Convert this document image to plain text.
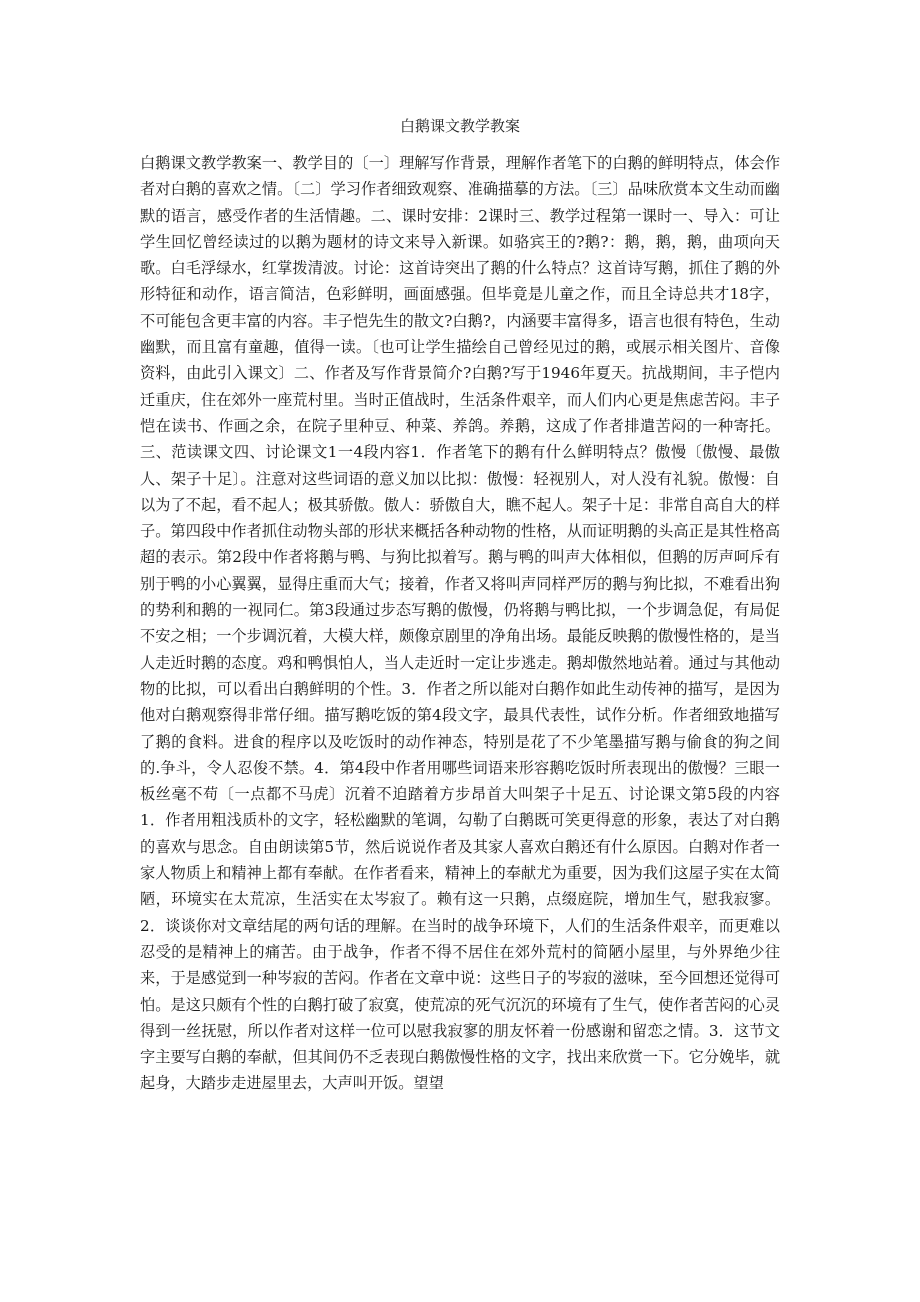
白鹅课文教学教案

白鹅课文教学教案一、教学目的〔一〕理解写作背景，理解作者笔下的白鹅的鲜明特点，体会作者对白鹅的喜欢之情。〔二〕学习作者细致观察、准确描摹的方法。〔三〕品味欣赏本文生动而幽默的语言，感受作者的生活情趣。二、课时安排：2课时三、教学过程第一课时一、导入：可让学生回忆曾经读过的以鹅为题材的诗文来导入新课。如骆宾王的?鹅?：鹅，鹅，鹅，曲项向天歌。白毛浮绿水，红掌拨清波。讨论：这首诗突出了鹅的什么特点？这首诗写鹅，抓住了鹅的外形特征和动作，语言简洁，色彩鲜明，画面感强。但毕竟是儿童之作，而且全诗总共才18字，不可能包含更丰富的内容。丰子恺先生的散文?白鹅?，内涵要丰富得多，语言也很有特色，生动幽默，而且富有童趣，值得一读。〔也可让学生描绘自己曾经见过的鹅，或展示相关图片、音像资料，由此引入课文〕二、作者及写作背景简介?白鹅?写于1946年夏天。抗战期间，丰子恺内迁重庆，住在郊外一座荒村里。当时正值战时，生活条件艰辛，而人们内心更是焦虑苦闷。丰子恺在读书、作画之余，在院子里种豆、种菜、养鸽。养鹅，这成了作者排遣苦闷的一种寄托。三、范读课文四、讨论课文1一4段内容1．作者笔下的鹅有什么鲜明特点？傲慢〔傲慢、最傲人、架子十足〕。注意对这些词语的意义加以比拟：傲慢：轻视别人，对人没有礼貌。傲慢：自以为了不起，看不起人；极其骄傲。傲人：骄傲自大，瞧不起人。架子十足：非常自高自大的样子。第四段中作者抓住动物头部的形状来概括各种动物的性格，从而证明鹅的头高正是其性格高超的表示。第2段中作者将鹅与鸭、与狗比拟着写。鹅与鸭的叫声大体相似，但鹅的厉声呵斥有别于鸭的小心翼翼，显得庄重而大气；接着，作者又将叫声同样严厉的鹅与狗比拟，不难看出狗的势利和鹅的一视同仁。第3段通过步态写鹅的傲慢，仍将鹅与鸭比拟，一个步调急促，有局促不安之相；一个步调沉着，大模大样，颇像京剧里的净角出场。最能反映鹅的傲慢性格的，是当人走近时鹅的态度。鸡和鸭惧怕人，当人走近时一定让步逃走。鹅却傲然地站着。通过与其他动物的比拟，可以看出白鹅鲜明的个性。3．作者之所以能对白鹅作如此生动传神的描写，是因为他对白鹅观察得非常仔细。描写鹅吃饭的第4段文字，最具代表性，试作分析。作者细致地描写了鹅的食料。进食的程序以及吃饭时的动作神态，特别是花了不少笔墨描写鹅与偷食的狗之间的.争斗，令人忍俊不禁。4．第4段中作者用哪些词语来形容鹅吃饭时所表现出的傲慢？三眼一板丝毫不苟〔一点都不马虎〕沉着不迫踏着方步昂首大叫架子十足五、讨论课文第5段的内容1．作者用粗浅质朴的文字，轻松幽默的笔调，勾勒了白鹅既可笑更得意的形象，表达了对白鹅的喜欢与思念。自由朗读第5节，然后说说作者及其家人喜欢白鹅还有什么原因。白鹅对作者一家人物质上和精神上都有奉献。在作者看来，精神上的奉献尤为重要，因为我们这屋子实在太简陋，环境实在太荒凉，生活实在太岑寂了。赖有这一只鹅，点缀庭院，增加生气，慰我寂寥。2．谈谈你对文章结尾的两句话的理解。在当时的战争环境下，人们的生活条件艰辛，而更难以忍受的是精神上的痛苦。由于战争，作者不得不居住在郊外荒村的简陋小屋里，与外界绝少往来，于是感觉到一种岑寂的苦闷。作者在文章中说：这些日子的岑寂的滋味，至今回想还觉得可怕。是这只颇有个性的白鹅打破了寂寞，使荒凉的死气沉沉的环境有了生气，使作者苦闷的心灵得到一丝抚慰，所以作者对这样一位可以慰我寂寥的朋友怀着一份感谢和留恋之情。3．这节文字主要写白鹅的奉献，但其间仍不乏表现白鹅傲慢性格的文字，找出来欣赏一下。它分娩毕，就起身，大踏步走进屋里去，大声叫开饭。望望
